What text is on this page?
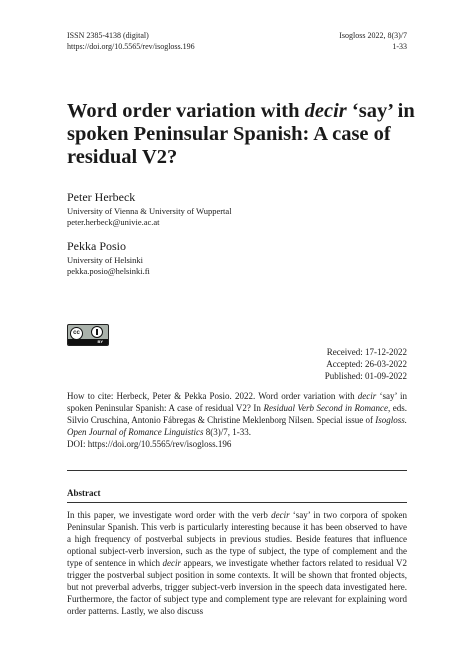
ISSN 2385-4138 (digital)
https://doi.org/10.5565/rev/isogloss.196
Isogloss 2022, 8(3)/7
1-33
Word order variation with decir ‘say’ in spoken Peninsular Spanish: A case of residual V2?
Peter Herbeck
University of Vienna & University of Wuppertal
peter.herbeck@univie.ac.at
Pekka Posio
University of Helsinki
pekka.posio@helsinki.fi
cc
BY
Received: 17-12-2022
Accepted: 26-03-2022
Published: 01-09-2022
How to cite: Herbeck, Peter & Pekka Posio. 2022. Word order variation with decir ‘say’ in spoken Peninsular Spanish: A case of residual V2? In Residual Verb Second in Romance, eds. Silvio Cruschina, Antonio Fábregas & Christine Meklenborg Nilsen. Special issue of Isogloss. Open Journal of Romance Linguistics 8(3)/7, 1-33.
DOI: https://doi.org/10.5565/rev/isogloss.196
Abstract
In this paper, we investigate word order with the verb decir ‘say’ in two corpora of spoken Peninsular Spanish. This verb is particularly interesting because it has been observed to have a high frequency of postverbal subjects in previous studies. Beside features that influence optional subject-verb inversion, such as the type of subject, the type of complement and the type of sentence in which decir appears, we investigate whether factors related to residual V2 trigger the postverbal subject position in some contexts. It will be shown that fronted objects, but not preverbal adverbs, trigger subject-verb inversion in the speech data investigated here. Furthermore, the factor of subject type and complement type are relevant for explaining word order patterns. Lastly, we also discuss
